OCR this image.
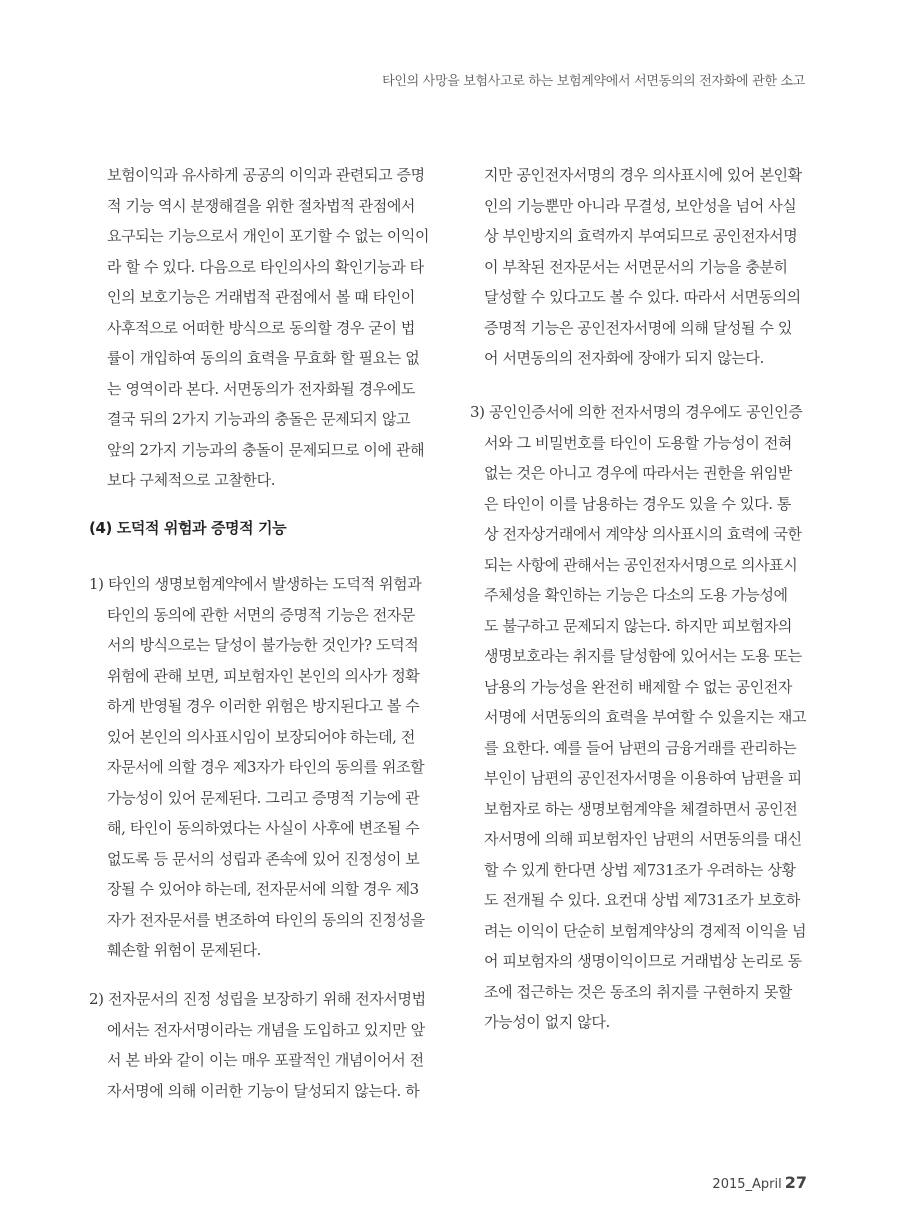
타인의 사망을 보험사고로 하는 보험계약에서 서면동의의 전자화에 관한 소고
보험이익과 유사하게 공공의 이익과 관련되고 증명
적 기능 역시 분쟁해결을 위한 절차법적 관점에서
요구되는 기능으로서 개인이 포기할 수 없는 이익이
라 할 수 있다. 다음으로 타인의사의 확인기능과 타
인의 보호기능은 거래법적 관점에서 볼 때 타인이
사후적으로 어떠한 방식으로 동의할 경우 굳이 법
률이 개입하여 동의의 효력을 무효화 할 필요는 없
는 영역이라 본다. 서면동의가 전자화될 경우에도
결국 뒤의 2가지 기능과의 충돌은 문제되지 않고
앞의 2가지 기능과의 충돌이 문제되므로 이에 관해
보다 구체적으로 고찰한다.
(4) 도덕적 위험과 증명적 기능
1) 타인의 생명보험계약에서 발생하는 도덕적 위험과
타인의 동의에 관한 서면의 증명적 기능은 전자문
서의 방식으로는 달성이 불가능한 것인가? 도덕적
위험에 관해 보면, 피보험자인 본인의 의사가 정확
하게 반영될 경우 이러한 위험은 방지된다고 볼 수
있어 본인의 의사표시임이 보장되어야 하는데, 전
자문서에 의할 경우 제3자가 타인의 동의를 위조할
가능성이 있어 문제된다. 그리고 증명적 기능에 관
해, 타인이 동의하였다는 사실이 사후에 변조될 수
없도록 등 문서의 성립과 존속에 있어 진정성이 보
장될 수 있어야 하는데, 전자문서에 의할 경우 제3
자가 전자문서를 변조하여 타인의 동의의 진정성을
훼손할 위험이 문제된다.
2) 전자문서의 진정 성립을 보장하기 위해 전자서명법
에서는 전자서명이라는 개념을 도입하고 있지만 앞
서 본 바와 같이 이는 매우 포괄적인 개념이어서 전
자서명에 의해 이러한 기능이 달성되지 않는다. 하
지만 공인전자서명의 경우 의사표시에 있어 본인확
인의 기능뿐만 아니라 무결성, 보안성을 넘어 사실
상 부인방지의 효력까지 부여되므로 공인전자서명
이 부착된 전자문서는 서면문서의 기능을 충분히
달성할 수 있다고도 볼 수 있다. 따라서 서면동의의
증명적 기능은 공인전자서명에 의해 달성될 수 있
어 서면동의의 전자화에 장애가 되지 않는다.
3) 공인인증서에 의한 전자서명의 경우에도 공인인증
서와 그 비밀번호를 타인이 도용할 가능성이 전혀
없는 것은 아니고 경우에 따라서는 권한을 위임받
은 타인이 이를 남용하는 경우도 있을 수 있다. 통
상 전자상거래에서 계약상 의사표시의 효력에 국한
되는 사항에 관해서는 공인전자서명으로 의사표시
주체성을 확인하는 기능은 다소의 도용 가능성에
도 불구하고 문제되지 않는다. 하지만 피보험자의
생명보호라는 취지를 달성함에 있어서는 도용 또는
남용의 가능성을 완전히 배제할 수 없는 공인전자
서명에 서면동의의 효력을 부여할 수 있을지는 재고
를 요한다. 예를 들어 남편의 금융거래를 관리하는
부인이 남편의 공인전자서명을 이용하여 남편을 피
보험자로 하는 생명보험계약을 체결하면서 공인전
자서명에 의해 피보험자인 남편의 서면동의를 대신
할 수 있게 한다면 상법 제731조가 우려하는 상황
도 전개될 수 있다. 요컨대 상법 제731조가 보호하
려는 이익이 단순히 보험계약상의 경제적 이익을 넘
어 피보험자의 생명이익이므로 거래법상 논리로 동
조에 접근하는 것은 동조의 취지를 구현하지 못할
가능성이 없지 않다.
2015_April 27
